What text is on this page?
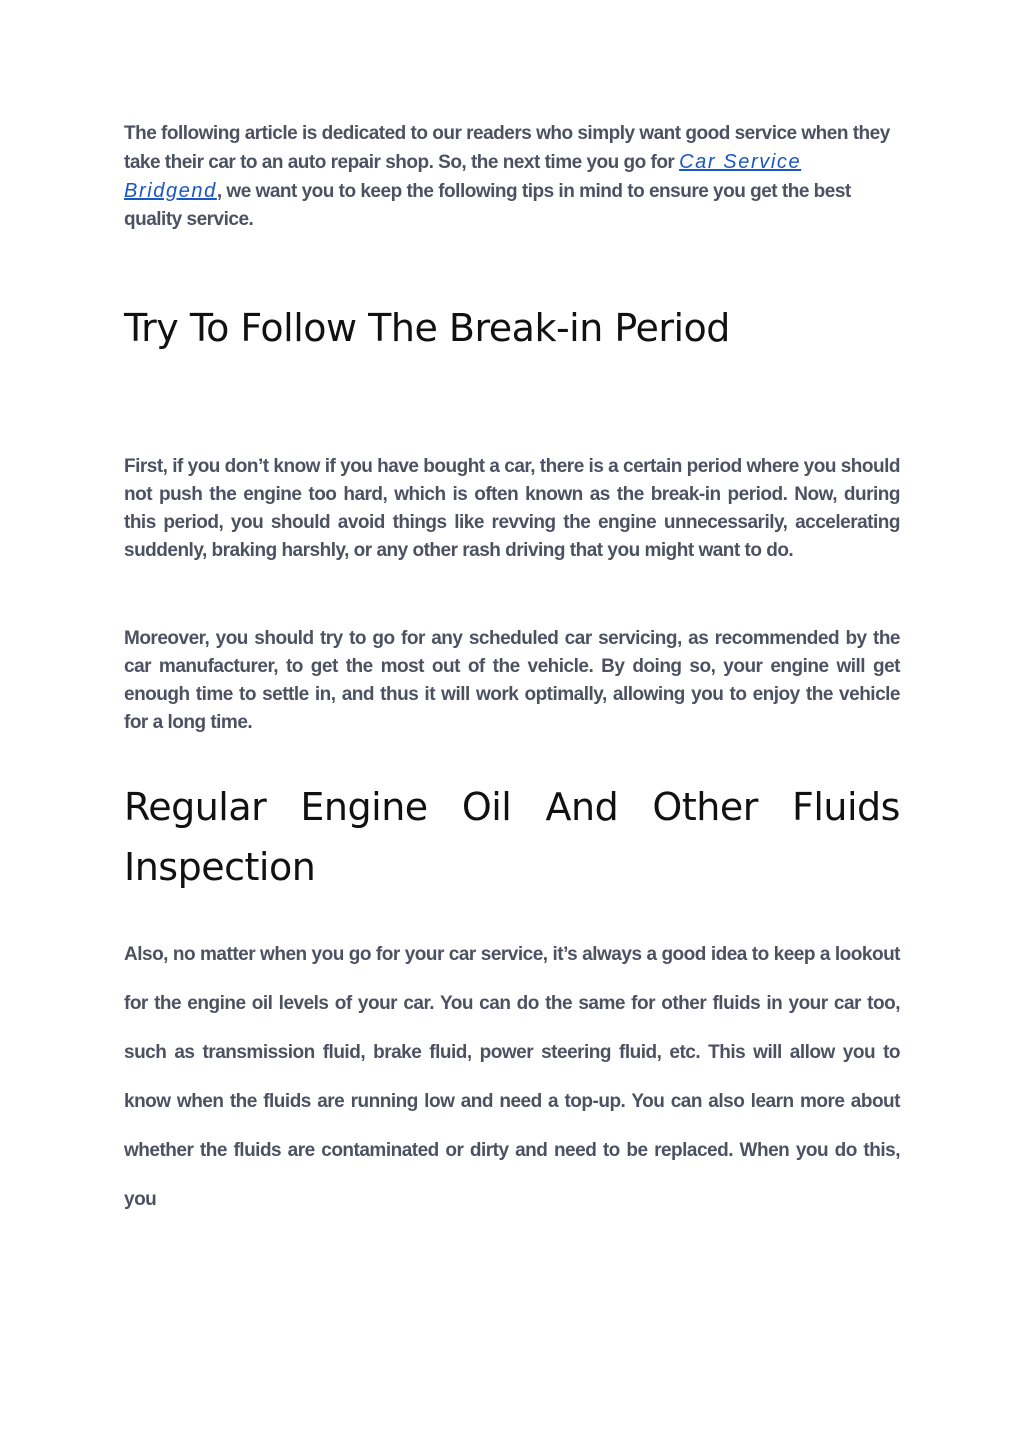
The following article is dedicated to our readers who simply want good service when they take their car to an auto repair shop. So, the next time you go for Car Service Bridgend, we want you to keep the following tips in mind to ensure you get the best quality service.

Try To Follow The Break-in Period

First, if you don’t know if you have bought a car, there is a certain period where you should not push the engine too hard, which is often known as the break-in period. Now, during this period, you should avoid things like revving the engine unnecessarily, accelerating suddenly, braking harshly, or any other rash driving that you might want to do.

Moreover, you should try to go for any scheduled car servicing, as recommended by the car manufacturer, to get the most out of the vehicle. By doing so, your engine will get enough time to settle in, and thus it will work optimally, allowing you to enjoy the vehicle for a long time.

Regular Engine Oil And Other Fluids
Inspection

Also, no matter when you go for your car service, it’s always a good idea to keep a lookout for the engine oil levels of your car. You can do the same for other fluids in your car too, such as transmission fluid, brake fluid, power steering fluid, etc. This will allow you to know when the fluids are running low and need a top-up. You can also learn more about whether the fluids are contaminated or dirty and need to be replaced. When you do this, you
